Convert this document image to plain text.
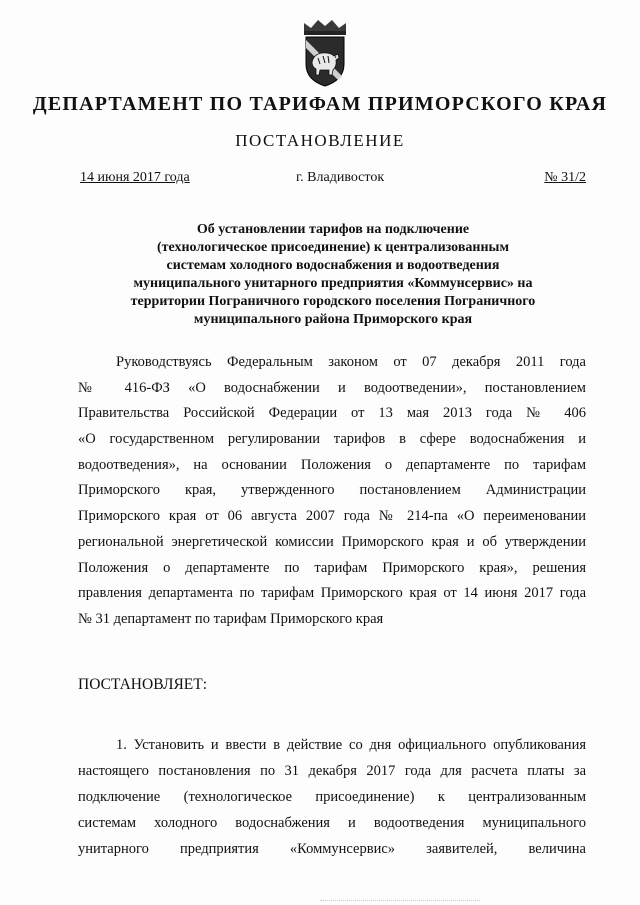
ДЕПАРТАМЕНТ ПО ТАРИФАМ ПРИМОРСКОГО КРАЯ
ПОСТАНОВЛЕНИЕ
14 июня 2017 года	г. Владивосток	№ 31/2
Об установлении тарифов на подключение
(технологическое присоединение) к централизованным
системам холодного водоснабжения и водоотведения
муниципального унитарного предприятия «Коммунсервис» на
территории Пограничного городского поселения Пограничного
муниципального района Приморского края
Руководствуясь Федеральным законом от 07 декабря 2011 года
№ 416-ФЗ «О водоснабжении и водоотведении», постановлением
Правительства Российской Федерации от 13 мая 2013 года № 406
«О государственном регулировании тарифов в сфере водоснабжения и
водоотведения», на основании Положения о департаменте по тарифам
Приморского края, утвержденного постановлением Администрации
Приморского края от 06 августа 2007 года № 214-па «О переименовании
региональной энергетической комиссии Приморского края и об утверждении
Положения о департаменте по тарифам Приморского края», решения
правления департамента по тарифам Приморского края от 14 июня 2017 года
№ 31 департамент по тарифам Приморского края
ПОСТАНОВЛЯЕТ:
1. Установить и ввести в действие со дня официального опубликования
настоящего постановления по 31 декабря 2017 года для расчета платы за
подключение (технологическое присоединение) к централизованным
системам холодного водоснабжения и водоотведения муниципального
унитарного предприятия «Коммунсервис» заявителей, величина
